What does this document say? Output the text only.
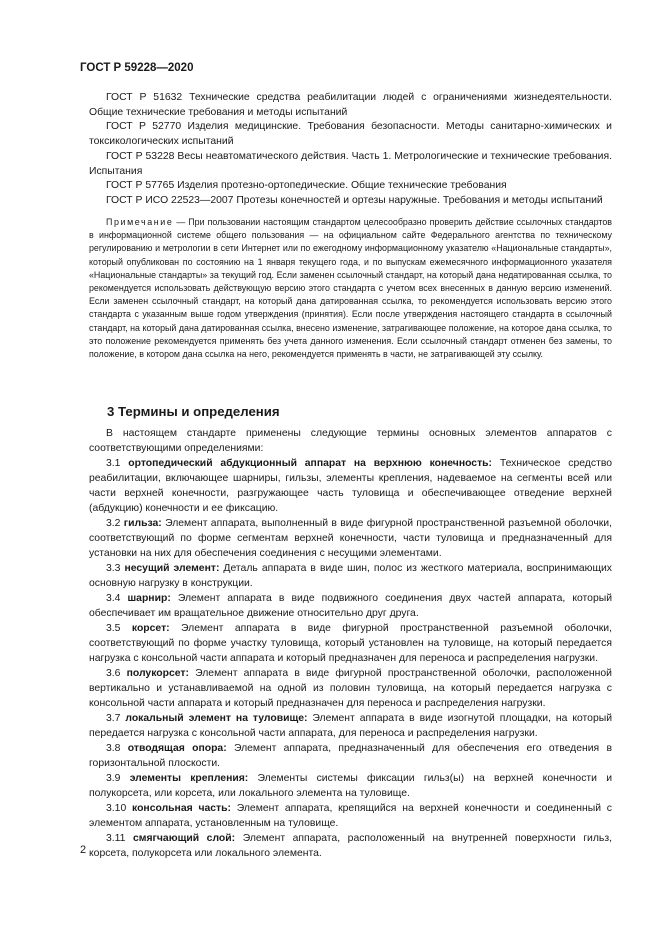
ГОСТ Р 59228—2020

ГОСТ Р 51632 Технические средства реабилитации людей с ограничениями жизнедеятельности. Общие технические требования и методы испытаний

ГОСТ Р 52770 Изделия медицинские. Требования безопасности. Методы санитарно-химических и токсикологических испытаний

ГОСТ Р 53228 Весы неавтоматического действия. Часть 1. Метрологические и технические требования. Испытания

ГОСТ Р 57765 Изделия протезно-ортопедические. Общие технические требования

ГОСТ Р ИСО 22523—2007 Протезы конечностей и ортезы наружные. Требования и методы испытаний

Примечание — При пользовании настоящим стандартом целесообразно проверить действие ссылочных стандартов в информационной системе общего пользования — на официальном сайте Федерального агентства по техническому регулированию и метрологии в сети Интернет или по ежегодному информационному указателю «Национальные стандарты», который опубликован по состоянию на 1 января текущего года, и по выпускам ежемесячного информационного указателя «Национальные стандарты» за текущий год. Если заменен ссылочный стандарт, на который дана недатированная ссылка, то рекомендуется использовать действующую версию этого стандарта с учетом всех внесенных в данную версию изменений. Если заменен ссылочный стандарт, на который дана датированная ссылка, то рекомендуется использовать версию этого стандарта с указанным выше годом утверждения (принятия). Если после утверждения настоящего стандарта в ссылочный стандарт, на который дана датированная ссылка, внесено изменение, затрагивающее положение, на которое дана ссылка, то это положение рекомендуется применять без учета данного изменения. Если ссылочный стандарт отменен без замены, то положение, в котором дана ссылка на него, рекомендуется применять в части, не затрагивающей эту ссылку.

3 Термины и определения

В настоящем стандарте применены следующие термины основных элементов аппаратов с соответствующими определениями:

3.1 ортопедический абдукционный аппарат на верхнюю конечность: Техническое средство реабилитации, включающее шарниры, гильзы, элементы крепления, надеваемое на сегменты всей или части верхней конечности, разгружающее часть туловища и обеспечивающее отведение верхней (абдукцию) конечности и ее фиксацию.

3.2 гильза: Элемент аппарата, выполненный в виде фигурной пространственной разъемной оболочки, соответствующий по форме сегментам верхней конечности, части туловища и предназначенный для установки на них для обеспечения соединения с несущими элементами.

3.3 несущий элемент: Деталь аппарата в виде шин, полос из жесткого материала, воспринимающих основную нагрузку в конструкции.

3.4 шарнир: Элемент аппарата в виде подвижного соединения двух частей аппарата, который обеспечивает им вращательное движение относительно друг друга.

3.5 корсет: Элемент аппарата в виде фигурной пространственной разъемной оболочки, соответствующий по форме участку туловища, который установлен на туловище, на который передается нагрузка с консольной части аппарата и который предназначен для переноса и распределения нагрузки.

3.6 полукорсет: Элемент аппарата в виде фигурной пространственной оболочки, расположенной вертикально и устанавливаемой на одной из половин туловища, на который передается нагрузка с консольной части аппарата и который предназначен для переноса и распределения нагрузки.

3.7 локальный элемент на туловище: Элемент аппарата в виде изогнутой площадки, на который передается нагрузка с консольной части аппарата, для переноса и распределения нагрузки.

3.8 отводящая опора: Элемент аппарата, предназначенный для обеспечения его отведения в горизонтальной плоскости.

3.9 элементы крепления: Элементы системы фиксации гильз(ы) на верхней конечности и полукорсета, или корсета, или локального элемента на туловище.

3.10 консольная часть: Элемент аппарата, крепящийся на верхней конечности и соединенный с элементом аппарата, установленным на туловище.

3.11 смягчающий слой: Элемент аппарата, расположенный на внутренней поверхности гильз, корсета, полукорсета или локального элемента.

2
